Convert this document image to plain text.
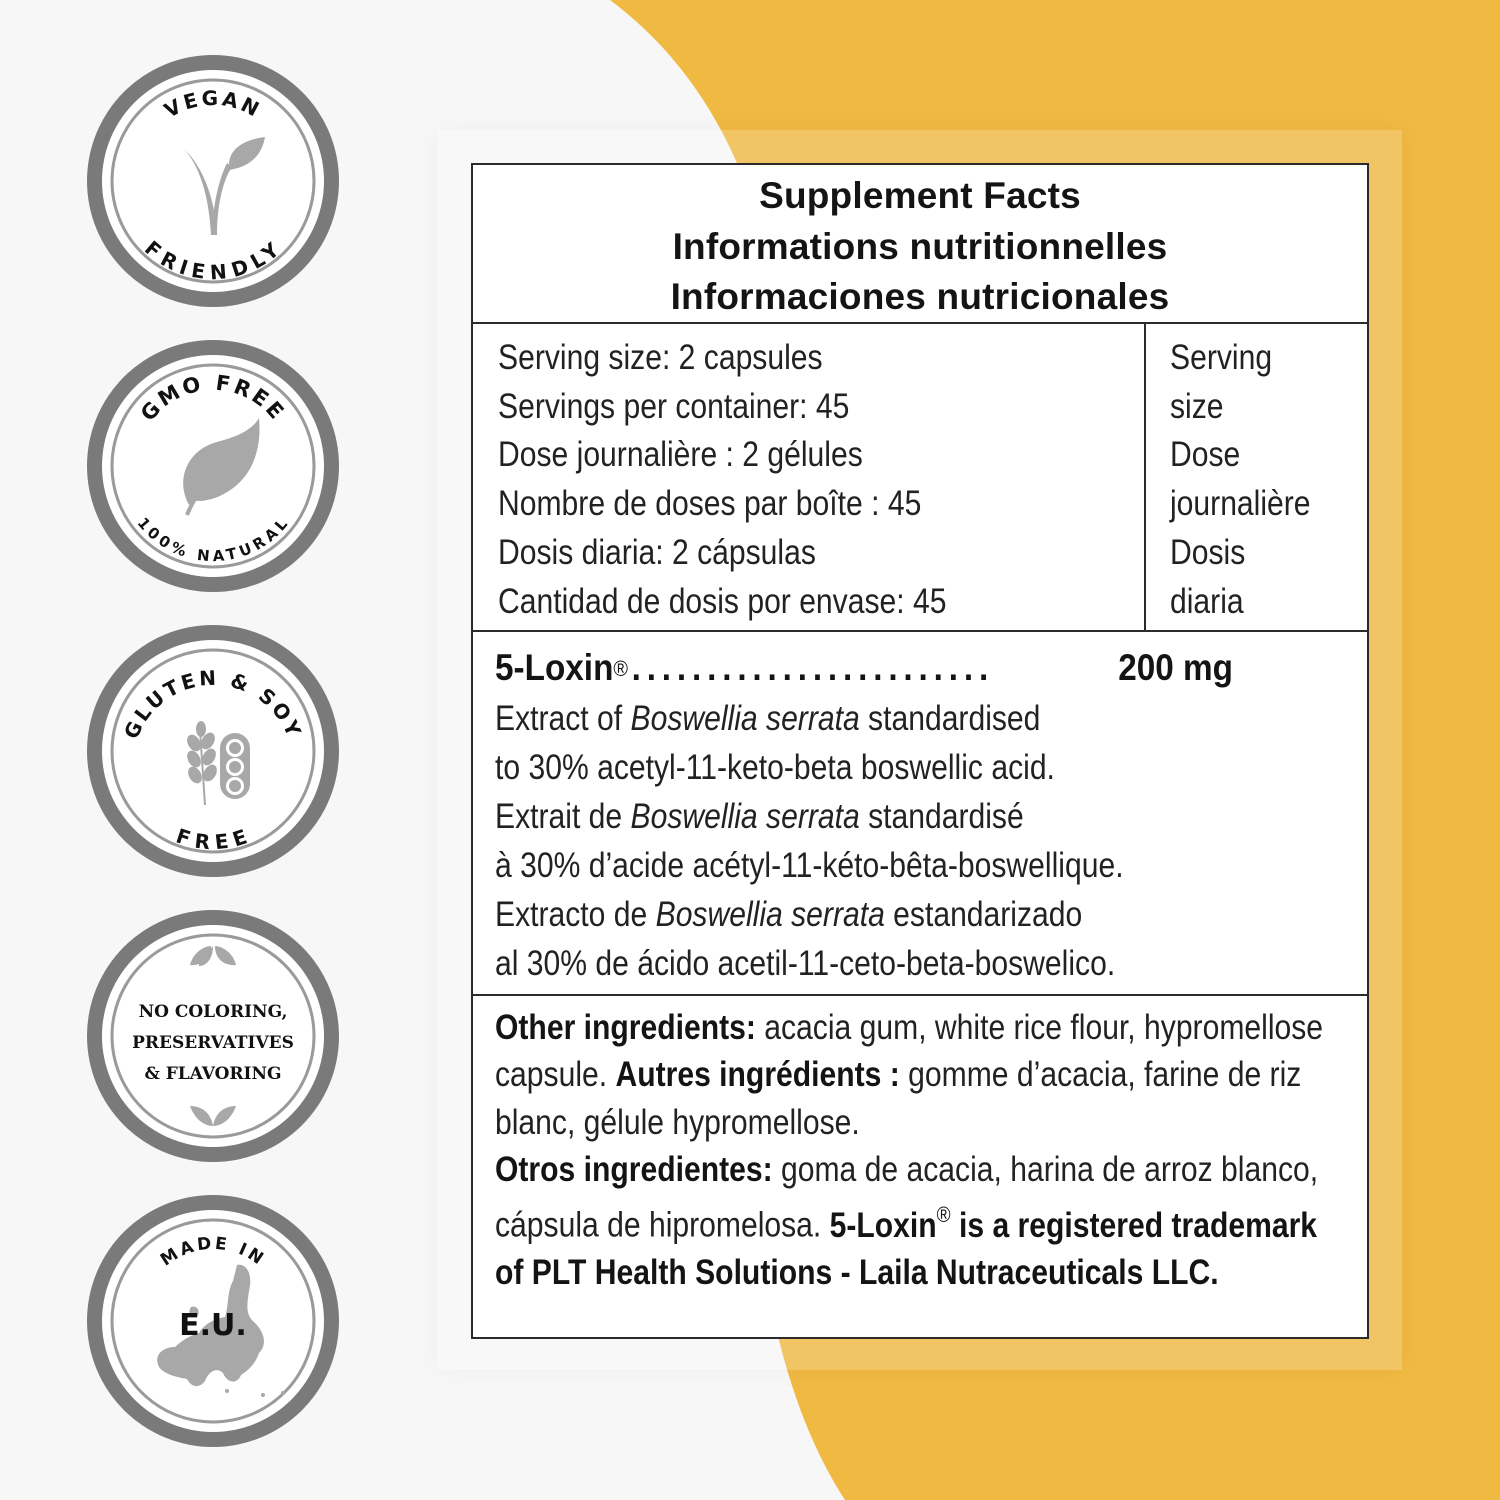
VEGAN
FRIENDLY
GMO FREE
100% NATURAL
GLUTEN & SOY
FREE
NO COLORING,
PRESERVATIVES
& FLAVORING
MADE IN
E.U.
Supplement Facts
Informations nutritionnelles
Informaciones nutricionales
Serving size: 2 capsules
Servings per container: 45
Dose journalière : 2 gélules
Nombre de doses par boîte : 45
Dosis diaria: 2 cápsulas
Cantidad de dosis por envase: 45
Serving
size
Dose
journalière
Dosis
diaria
5-Loxin® ........................	200 mg
Extract of Boswellia serrata standardised
to 30% acetyl-11-keto-beta boswellic acid.
Extrait de Boswellia serrata standardisé
à 30% d’acide acétyl-11-kéto-bêta-boswellique.
Extracto de Boswellia serrata estandarizado
al 30% de ácido acetil-11-ceto-beta-boswelico.

Other ingredients: acacia gum, white rice flour, hypromellose capsule. Autres ingrédients : gomme d’acacia, farine de riz blanc, gélule hypromellose.
Otros ingredientes: goma de acacia, harina de arroz blanco, cápsula de hipromelosa. 5-Loxin® is a registered trademark of PLT Health Solutions - Laila Nutraceuticals LLC.
